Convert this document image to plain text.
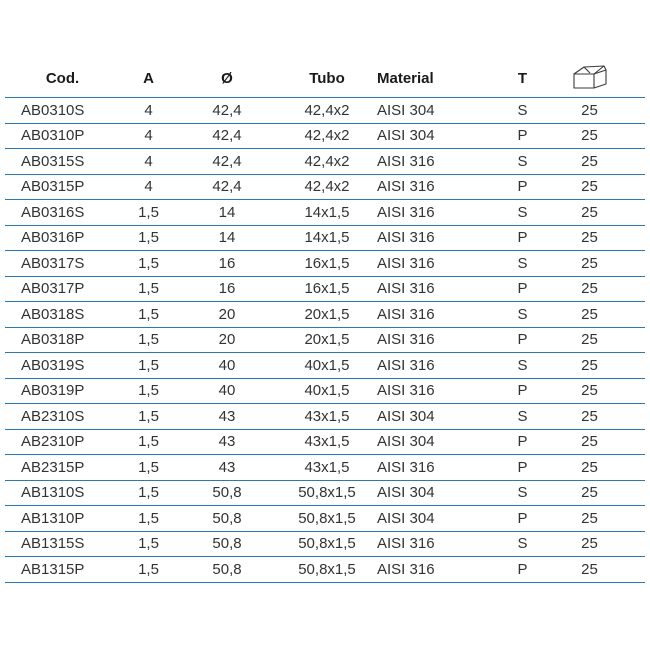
Cod.	A	Ø	Tubo	Material	T	
AB0310S	4	42,4	42,4x2	AISI 304	S	25
AB0310P	4	42,4	42,4x2	AISI 304	P	25
AB0315S	4	42,4	42,4x2	AISI 316	S	25
AB0315P	4	42,4	42,4x2	AISI 316	P	25
AB0316S	1,5	14	14x1,5	AISI 316	S	25
AB0316P	1,5	14	14x1,5	AISI 316	P	25
AB0317S	1,5	16	16x1,5	AISI 316	S	25
AB0317P	1,5	16	16x1,5	AISI 316	P	25
AB0318S	1,5	20	20x1,5	AISI 316	S	25
AB0318P	1,5	20	20x1,5	AISI 316	P	25
AB0319S	1,5	40	40x1,5	AISI 316	S	25
AB0319P	1,5	40	40x1,5	AISI 316	P	25
AB2310S	1,5	43	43x1,5	AISI 304	S	25
AB2310P	1,5	43	43x1,5	AISI 304	P	25
AB2315P	1,5	43	43x1,5	AISI 316	P	25
AB1310S	1,5	50,8	50,8x1,5	AISI 304	S	25
AB1310P	1,5	50,8	50,8x1,5	AISI 304	P	25
AB1315S	1,5	50,8	50,8x1,5	AISI 316	S	25
AB1315P	1,5	50,8	50,8x1,5	AISI 316	P	25
